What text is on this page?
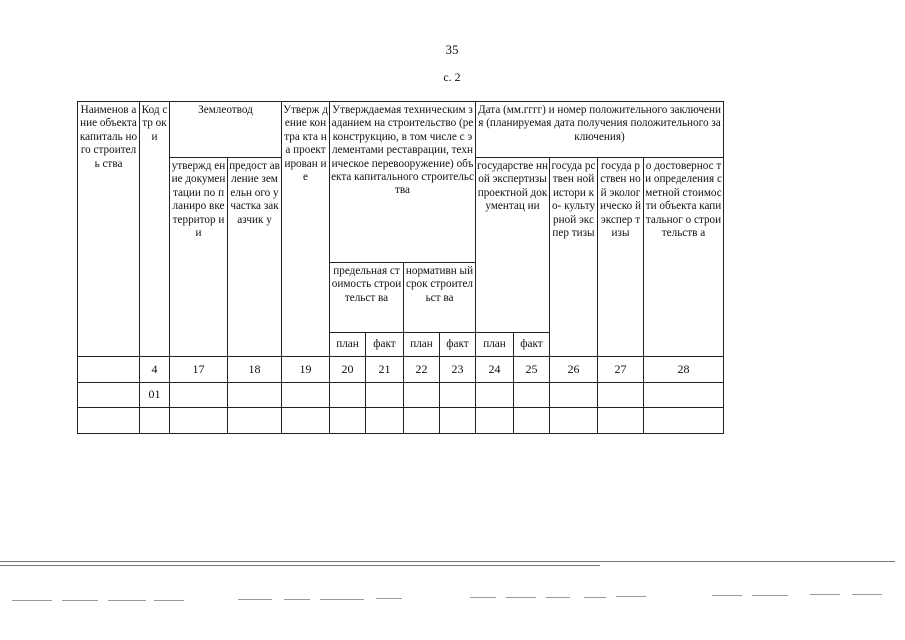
35
с. 2
Наименов ание объекта капиталь ного строитель ства	Код стр оки	Землеотвод		Утверж дение контра кта на проект ирован ие	Утверждаемая техническим заданием на строительство (реконструкцию, в том числе с элементами реставрации, техническое перевооружение) объекта капитального строительства				Дата (мм.гггг) и номер положительного заключения (планируемая дата получения положительного заключения)				
		утвержд ение докумен тации по планиро вке территор ии	предост авление земельн ого участка заказчик у						государстве нной экспертизы проектной документац ии		госуда рствен ной истори ко- культу рной экспер тизы	госуда рствен ной эколог ическо й экспер тизы	о достовернос ти определения сметной стоимости объекта капитальног о строительств а
					предельная стоимость строительст ва		нормативн ый срок строительст ва						
					план	факт	план	факт	план	факт			
	4	17	18	19	20	21	22	23	24	25	26	27	28
	01												
